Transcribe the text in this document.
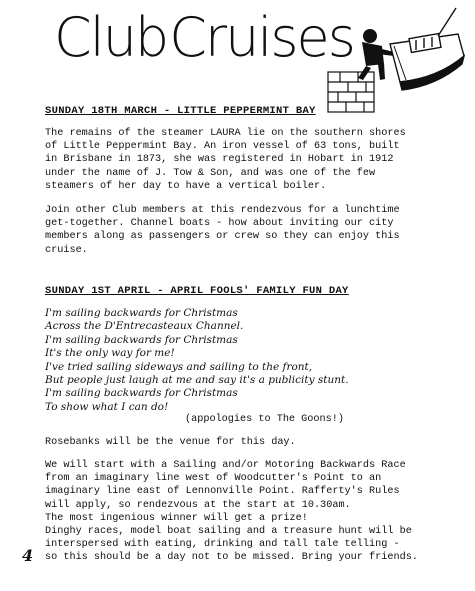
ClubCruises
SUNDAY 18TH MARCH - LITTLE PEPPERMINT BAY
The remains of the steamer LAURA lie on the southern shores
of Little Peppermint Bay. An iron vessel of 63 tons, built
in Brisbane in 1873, she was registered in Hobart in 1912
under the name of J. Tow & Son, and was one of the few
steamers of her day to have a vertical boiler.
Join other Club members at this rendezvous for a lunchtime
get-together. Channel boats - how about inviting our city
members along as passengers or crew so they can enjoy this
cruise.
SUNDAY 1ST APRIL - APRIL FOOLS' FAMILY FUN DAY
I'm sailing backwards for Christmas
Across the D'Entrecasteaux Channel.
I'm sailing backwards for Christmas
It's the only way for me!
I've tried sailing sideways and sailing to the front,
But people just laugh at me and say it's a publicity stunt.
I'm sailing backwards for Christmas
To show what I can do!
(appologies to The Goons!)
Rosebanks will be the venue for this day.
We will start with a Sailing and/or Motoring Backwards Race
from an imaginary line west of Woodcutter's Point to an
imaginary line east of Lennonville Point. Rafferty's Rules
will apply, so rendezvous at the start at 10.30am.
The most ingenious winner will get a prize!
Dinghy races, model boat sailing and a treasure hunt will be
interspersed with eating, drinking and tall tale telling -
so this should be a day not to be missed. Bring your friends.
4
